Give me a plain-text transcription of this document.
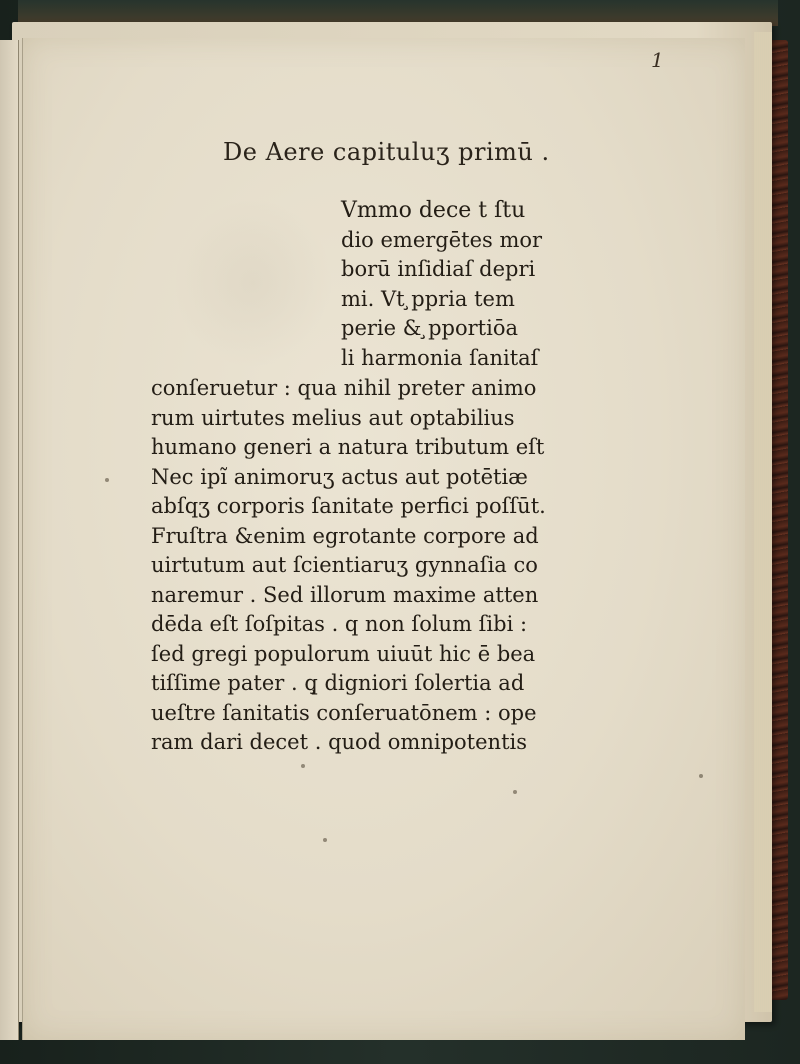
1
De Aere capituluʒ primū .
Vmmo dece t ſtu
dio emergētes mor
borū inſidiaſ depri
mi. Vt ̧ppria tem
perie & ̧pportiōa
li harmonia ſanitaſ
conſeruetur : qua nihil preter animo
rum uirtutes melius aut optabilius
humano generi a natura tributum eſt
Nec ipĩ animoruʒ actus aut potētiæ
abſqʒ corporis ſanitate perfici poſſūt.
Fruſtra &enim egrotante corpore ad
uirtutum aut ſcientiaruʒ gynnaſia co
naremur . Sed illorum maxime atten
dēda eſt ſoſpitas . q non ſolum ſibi :
ſed gregi populorum uiuūt hic ē bea
tiſſime pater . q̧ digniori ſolertia ad
ueſtre ſanitatis conſeruatōnem : ope
ram dari decet . quod omnipotentis
